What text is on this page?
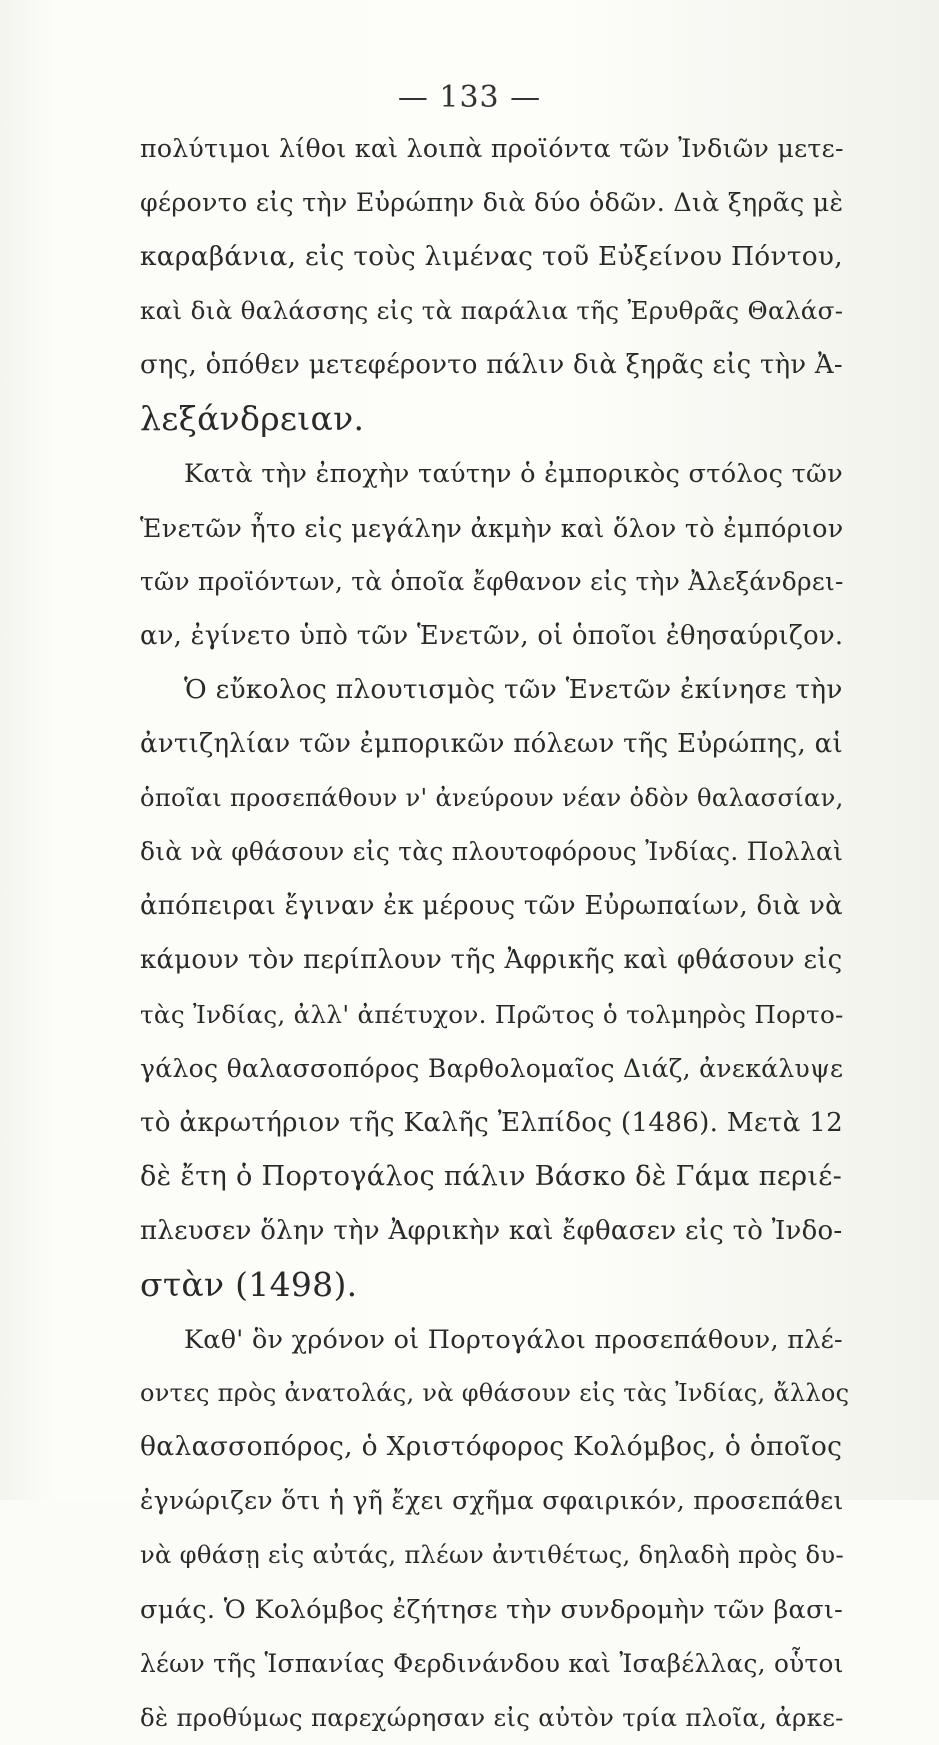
— 133 —
πολύτιμοι λίθοι καὶ λοιπὰ προϊόντα τῶν Ἰνδιῶν μετε-
φέροντο εἰς τὴν Εὐρώπην διὰ δύο ὁδῶν. Διὰ ξηρᾶς μὲ
καραβάνια, εἰς τοὺς λιμένας τοῦ Εὐξείνου Πόντου,
καὶ διὰ θαλάσσης εἰς τὰ παράλια τῆς Ἐρυθρᾶς Θαλάσ-
σης, ὁπόθεν μετεφέροντο πάλιν διὰ ξηρᾶς εἰς τὴν Ἀ-
λεξάνδρειαν.
Κατὰ τὴν ἐποχὴν ταύτην ὁ ἐμπορικὸς στόλος τῶν
Ἑνετῶν ἦτο εἰς μεγάλην ἀκμὴν καὶ ὅλον τὸ ἐμπόριον
τῶν προϊόντων, τὰ ὁποῖα ἔφθανον εἰς τὴν Ἀλεξάνδρει-
αν, ἐγίνετο ὑπὸ τῶν Ἑνετῶν, οἱ ὁποῖοι ἐθησαύριζον.
Ὁ εὔκολος πλουτισμὸς τῶν Ἑνετῶν ἐκίνησε τὴν
ἀντιζηλίαν τῶν ἐμπορικῶν πόλεων τῆς Εὐρώπης, αἱ
ὁποῖαι προσεπάθουν ν' ἀνεύρουν νέαν ὁδὸν θαλασσίαν,
διὰ νὰ φθάσουν εἰς τὰς πλουτοφόρους Ἰνδίας. Πολλαὶ
ἀπόπειραι ἔγιναν ἐκ μέρους τῶν Εὐρωπαίων, διὰ νὰ
κάμουν τὸν περίπλουν τῆς Ἀφρικῆς καὶ φθάσουν εἰς
τὰς Ἰνδίας, ἀλλ' ἀπέτυχον. Πρῶτος ὁ τολμηρὸς Πορτο-
γάλος θαλασσοπόρος Βαρθολομαῖος Διάζ, ἀνεκάλυψε
τὸ ἀκρωτήριον τῆς Καλῆς Ἐλπίδος (1486). Μετὰ 12
δὲ ἔτη ὁ Πορτογάλος πάλιν Βάσκο δὲ Γάμα περιέ-
πλευσεν ὅλην τὴν Ἀφρικὴν καὶ ἔφθασεν εἰς τὸ Ἰνδο-
στὰν (1498).
Καθ' ὃν χρόνον οἱ Πορτογάλοι προσεπάθουν, πλέ-
οντες πρὸς ἀνατολάς, νὰ φθάσουν εἰς τὰς Ἰνδίας, ἄλλος
θαλασσοπόρος, ὁ Χριστόφορος Κολόμβος, ὁ ὁποῖος
ἐγνώριζεν ὅτι ἡ γῆ ἔχει σχῆμα σφαιρικόν, προσεπάθει
νὰ φθάσῃ εἰς αὐτάς, πλέων ἀντιθέτως, δηλαδὴ πρὸς δυ-
σμάς. Ὁ Κολόμβος ἐζήτησε τὴν συνδρομὴν τῶν βασι-
λέων τῆς Ἱσπανίας Φερδινάνδου καὶ Ἰσαβέλλας, οὗτοι
δὲ προθύμως παρεχώρησαν εἰς αὐτὸν τρία πλοῖα, ἀρκε-
